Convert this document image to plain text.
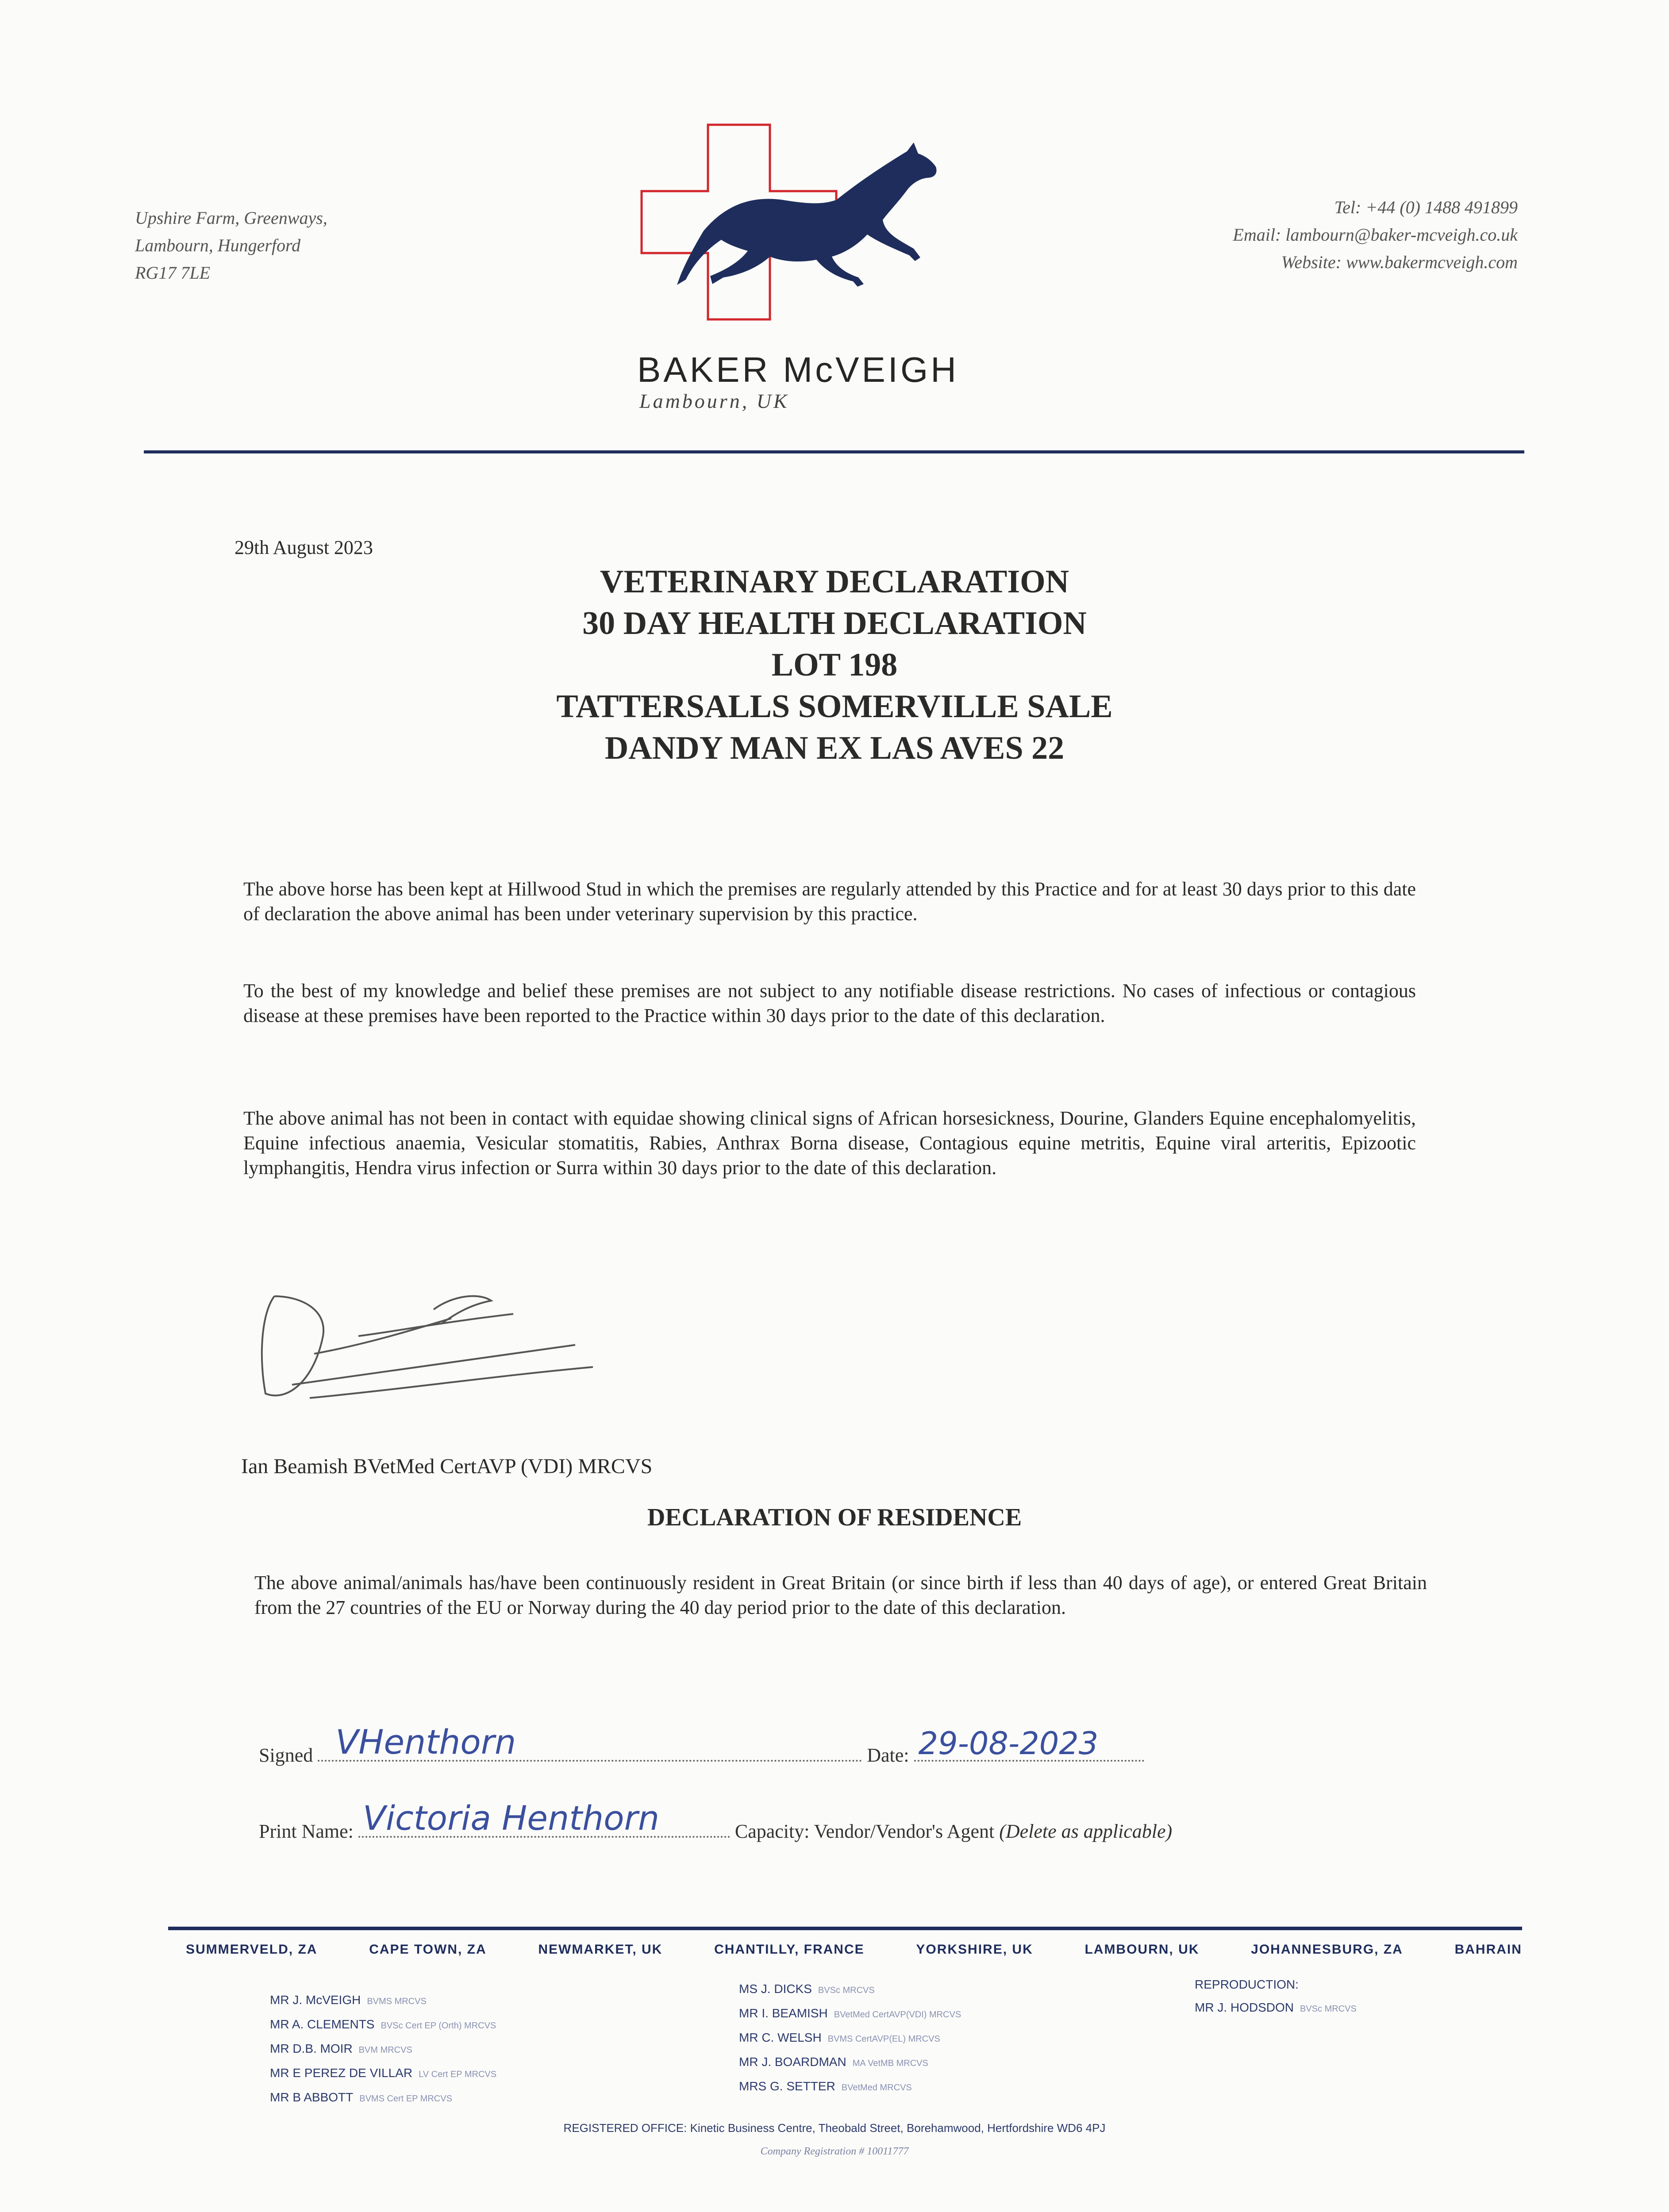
Upshire Farm, Greenways,
Lambourn, Hungerford
RG17 7LE
BAKER McVEIGH
Lambourn, UK
Tel: +44 (0) 1488 491899
Email: lambourn@baker-mcveigh.co.uk
Website: www.bakermcveigh.com
29th August 2023
VETERINARY DECLARATION
30 DAY HEALTH DECLARATION
LOT 198
TATTERSALLS SOMERVILLE SALE
DANDY MAN EX LAS AVES 22
The above horse has been kept at Hillwood Stud in which the premises are regularly attended by this Practice and for at least 30 days prior to this date of declaration the above animal has been under veterinary supervision by this practice.
To the best of my knowledge and belief these premises are not subject to any notifiable disease restrictions. No cases of infectious or contagious disease at these premises have been reported to the Practice within 30 days prior to the date of this declaration.
The above animal has not been in contact with equidae showing clinical signs of African horsesickness, Dourine, Glanders Equine encephalomyelitis, Equine infectious anaemia, Vesicular stomatitis, Rabies, Anthrax Borna disease, Contagious equine metritis, Equine viral arteritis, Epizootic lymphangitis, Hendra virus infection or Surra within 30 days prior to the date of this declaration.
Ian Beamish BVetMed CertAVP (VDI) MRCVS
DECLARATION OF RESIDENCE
The above animal/animals has/have been continuously resident in Great Britain (or since birth if less than 40 days of age), or entered Great Britain from the 27 countries of the EU or Norway during the 40 day period prior to the date of this declaration.
Signed VHenthorn	Date: 29-08-2023
Print Name: Victoria Henthorn	Capacity: Vendor/Vendor's Agent (Delete as applicable)
SUMMERVELD, ZA	CAPE TOWN, ZA	NEWMARKET, UK	CHANTILLY, FRANCE	YORKSHIRE, UK	LAMBOURN, UK	JOHANNESBURG, ZA	BAHRAIN
MR J. McVEIGH BVMS MRCVS
MR A. CLEMENTS BVSc Cert EP (Orth) MRCVS
MR D.B. MOIR BVM MRCVS
MR E PEREZ DE VILLAR LV Cert EP MRCVS
MR B ABBOTT BVMS Cert EP MRCVS
MS J. DICKS BVSc MRCVS
MR I. BEAMISH BVetMed CertAVP(VDI) MRCVS
MR C. WELSH BVMS CertAVP(EL) MRCVS
MR J. BOARDMAN MA VetMB MRCVS
MRS G. SETTER BVetMed MRCVS
REPRODUCTION:
MR J. HODSDON BVSc MRCVS
REGISTERED OFFICE: Kinetic Business Centre, Theobald Street, Borehamwood, Hertfordshire WD6 4PJ
Company Registration # 10011777
